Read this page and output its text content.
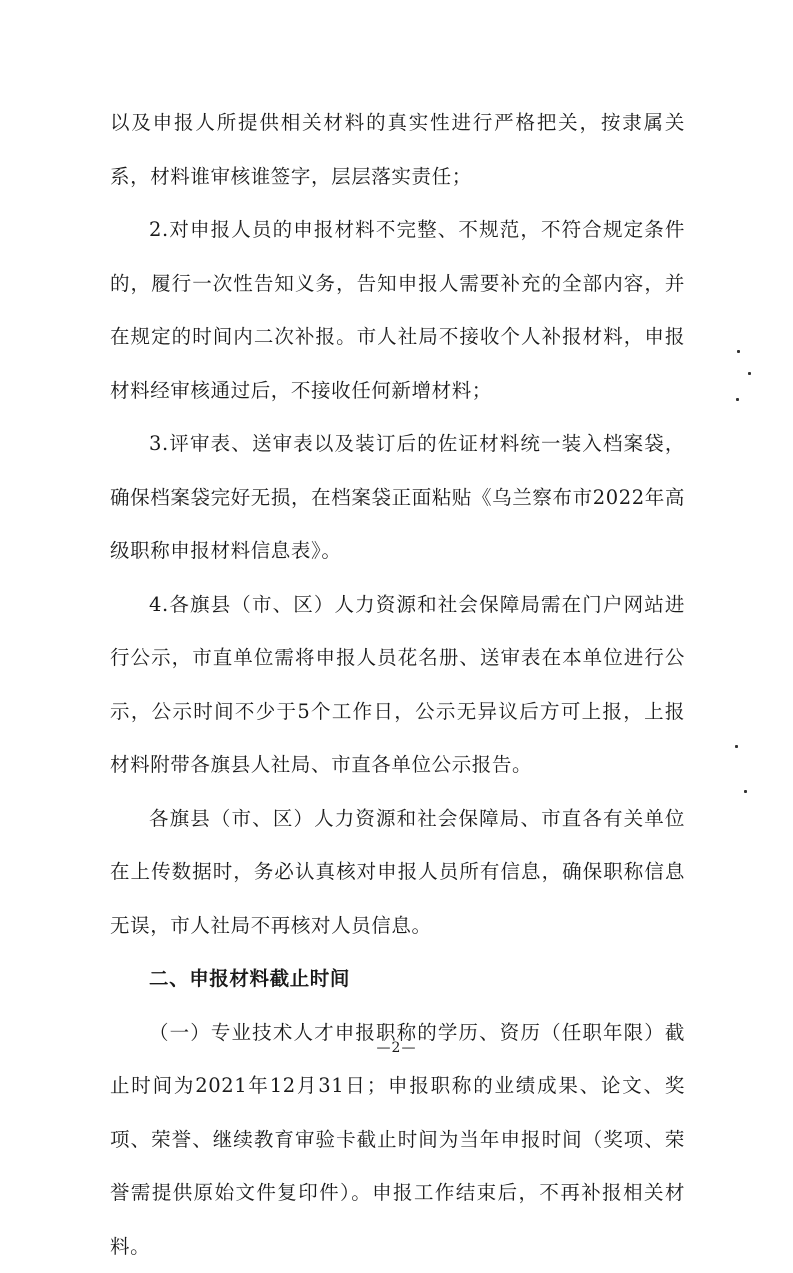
以及申报人所提供相关材料的真实性进行严格把关，按隶属关系，材料谁审核谁签字，层层落实责任；

2.对申报人员的申报材料不完整、不规范，不符合规定条件的，履行一次性告知义务，告知申报人需要补充的全部内容，并在规定的时间内二次补报。市人社局不接收个人补报材料，申报材料经审核通过后，不接收任何新增材料；

3.评审表、送审表以及装订后的佐证材料统一装入档案袋，确保档案袋完好无损，在档案袋正面粘贴《乌兰察布市2022年高级职称申报材料信息表》。

4.各旗县（市、区）人力资源和社会保障局需在门户网站进行公示，市直单位需将申报人员花名册、送审表在本单位进行公示，公示时间不少于5个工作日，公示无异议后方可上报，上报材料附带各旗县人社局、市直各单位公示报告。

各旗县（市、区）人力资源和社会保障局、市直各有关单位在上传数据时，务必认真核对申报人员所有信息，确保职称信息无误，市人社局不再核对人员信息。

二、申报材料截止时间

（一）专业技术人才申报职称的学历、资历（任职年限）截止时间为2021年12月31日；申报职称的业绩成果、论文、奖项、荣誉、继续教育审验卡截止时间为当年申报时间（奖项、荣誉需提供原始文件复印件）。申报工作结束后，不再补报相关材料。

—2—
